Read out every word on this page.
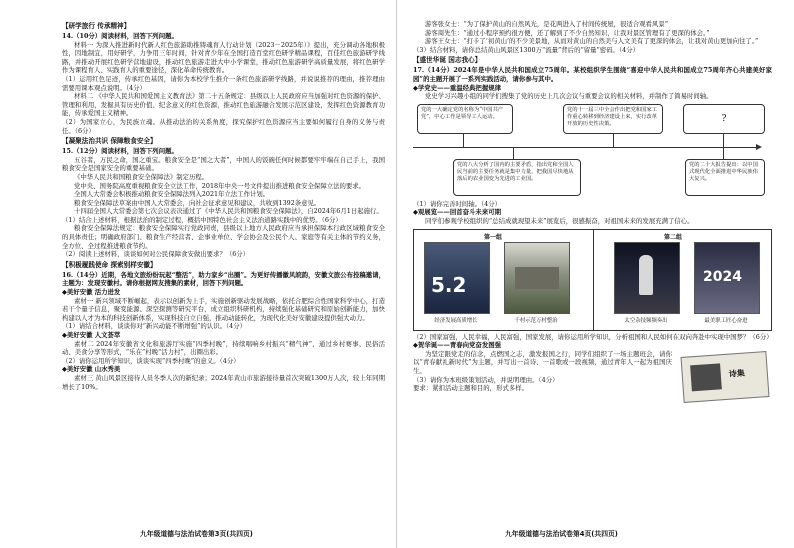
【研学旅行 传承精神】

14.（10分）阅读材料，回答下列问题。

材料一 为深入推进新时代新人红色旅游助推铸魂育人行动计划（2023－2025年）》提出，充分调动各地积极性，因地制宜，用好研学，力争用三年时间，针对青少年在全国打造百堂红色研学精品课程，百佳红色旅游研学线路，并推动开展红色研学营地建设，推动红色旅游走进大中小学课堂，推动红色旅游研学高质量发展，将红色研学作为课程育人、实践育人的重要途径，深化革命传统教育。

（1）运用红色足迹，传承红色基因，请你为本校学生推介一条红色旅游研学线路，并说说推荐的理由，推荐理由需要用课本观点说明。（4分）

材料二 《中华人民共和国爱国主义教育法》第二十五条规定：县级以上人民政府应当加强对红色资源的保护、管理和利用，发掘具有历史价值、纪念意义的红色资源，推动红色旅游融合发展示范区建设，发挥红色资源教育功能，传承爱国主义精神。

（2）为国家立心，为民族立魂。从推动法治的关系角度，探究保护红色资源应当主要如何履行自身的义务与责任。（6分）

【凝聚法治共识 保障粮食安全】

15.（12分）阅读材料，回答下列问题。

五谷者，万民之命，国之重宝。粮食安全是“国之大者”，中国人的饭碗任何时候都要牢牢端在自己手上，我国粮食安全是国家安全的重要基础。

《中华人民共和国粮食安全保障法》制定历程。

党中央、国务院高度重视粮食安全立法工作，2018年中央一号文件提出推进粮食安全保障立法的要求。

全国人大常委会积极推动粮食安全保障法列入2021年立法工作计划。

粮食安全保障法草案由中国人大常委会，向社会征求意见和建议，共收到1392条意见。

十四届全国人大常委会第七次会议表决通过了《中华人民共和国粮食安全保障法》，自2024年6月1日起施行。

（1）结合上述材料，根据法治的制定过程，概括中国特色社会主义法治道路实践中的优势。（6分）

粮食安全保障法规定：粮食安全保障实行党政同责，县级以上地方人民政府应当承担保障本行政区域粮食安全的具体责任；明确政府部门、粮食生产经营者、企事业单位、学会协会及公民个人、家庭等有关主体的节约义务，全方位、全过程推进粮食节约。

（2）阅读上述材料，谈谈如何对公民保障食安做出要求？（6分）

【积极履践使命 探索别样安徽】

16.（14分）近期，各地文旅纷纷玩起“整活”，助力家乡“出圈”。为更好传播徽风皖韵，安徽文旅公布投稿邀请，主题为：发现安徽村。请你根据网友搜集的素材，回答下列问题。

◆美好安徽 活力迸发

素材一 新兴领域不断崛起，表示以创新为上手，实施创新驱动发展战略，依托合肥综合性国家科学中心，打造若干个量子信息，聚变能源、深空探测等研究平台，成立组织科研机构，持续强化基础研究和原始创新能力，加快构建以人才为本的科技创新体系，实现科技自立自强，推动动能转化，为现代化美好安徽建设提供强大动力。

（1）请结合材料，谈谈你对“新兴动能不断增强”的认识。（4分）

◆美好安徽 人文荟萃

素材二 2024年安徽省文化和旅游厅实施“四季村晚”，持续唱响乡村振兴“精气神”，通过乡村赛事、民俗活动、美食分享等形式，“乐在”村晚“活力村”，出圈出彩。

（2）请你运用所学知识，谈谈实现“四季村晚”的意义。（4分）

◆美好安徽 山水秀美

素材三 黄山风景区接待人员冬季人次的新纪录；2024年黄山市旅游接待量首次突破1300万人次，较上年同期增长了10%。

游客张女士：“为了保护黄山的自然风光，是花两进入了村间传统屋，很适合观看风景”

游客周先生：“通过小程序预约很方便，还了解到了不少自然知识，让我对景区管理有了更深的体会。”

游客王女士：“打卡了‘初黄山’的不少美景地，从而对黄山的自然美与人文美有了更深的体会，让我对黄山更加向往了。”

（3）结合材料，请你总结黄山风景区1300万“流量”背后的“留量”密码。（4分）

【盛世华诞 国志我心】

17.（14分）2024年是中华人民共和国成立75周年。某校组织学生围绕“喜迎中华人民共和国成立75周年齐心共建美好家园”的主题开展了一系列实践活动，请你参与其中。

◆学党史——重温经典把握规律

党史学习兴趣小组的同学们搜集了党的历史上几次会议与重要会议的相关材料，并制作了简易时间轴。

党的一大确定党的名称为“中国共产党”，中心工作是领导工人运动。
党的十一届三中全会作出把党和国家工作重心转移到经济建设上来，实行改革开放的历史性决策。	?
党的八大分析了国内的主要矛盾，指出党和全国人民当前的主要任务就是集中力量，把我国尽快地从落后的农业国变为先进的工业国。
党的二十大报告提出：以中国式现代化全面推进中华民族伟大复兴。

（1）请你完善时间轴。（4分）

◆观展览——回首奋斗未来可期

同学们参观学校组织的“总结成就现望未来”展览后，很感振奋，对祖国未来的发展充满了信心。

第一组	第二组
5.2	2024
经济发展高质增长	千村示范万村整治	太空杂技频频奏出	最美职工匠心奋进

（2）国家富强，人民幸福，人民富强，国家发展，请你运用所学知识，分析祖国和人民如何在双向奔赴中实现中国梦？（6分）

◆贺华诞——青春向党奋发图强

诗集

为坚定跟党走的信念，点燃国之志，激发报国之行，同学们组织了一场主题班会，请你以“青春献礼新时代”为主题，并写出一首诗、一首歌或一段视频，通过青年人一起为祖国庆生。

（3）请你为本班级策划活动，并说明理由。（4分）

要求：紧扣活动主题和目的，形式多样。

九年级道德与法治试卷第3页(共四页)	九年级道德与法治试卷第4页(共四页)
